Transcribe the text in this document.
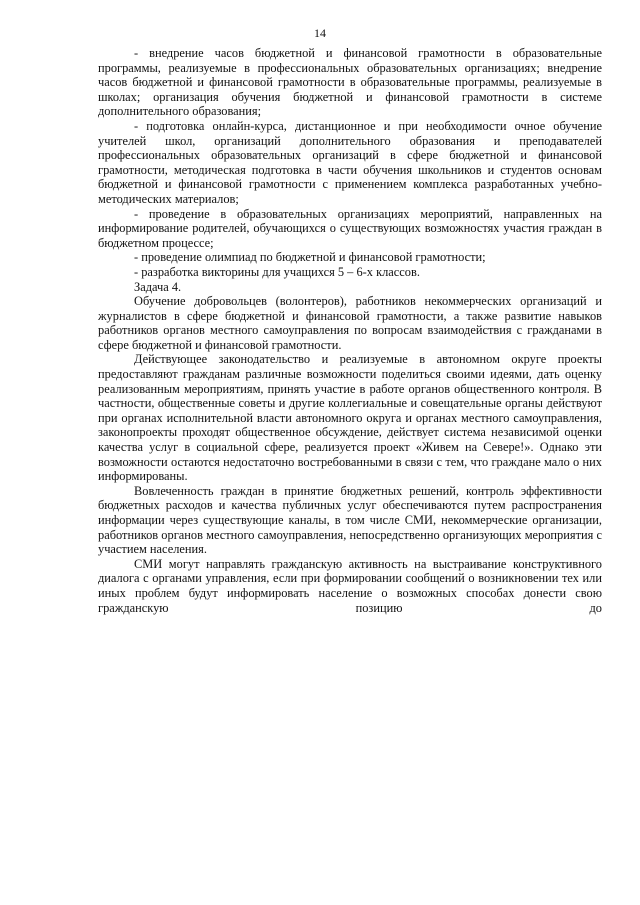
14

- внедрение часов бюджетной и финансовой грамотности в образовательные программы, реализуемые в профессиональных образовательных организациях; внедрение часов бюджетной и финансовой грамотности в образовательные программы, реализуемые в школах; организация обучения бюджетной и финансовой грамотности в системе дополнительного образования;

- подготовка онлайн-курса, дистанционное и при необходимости очное обучение учителей школ, организаций дополнительного образования и преподавателей профессиональных образовательных организаций в сфере бюджетной и финансовой грамотности, методическая подготовка в части обучения школьников и студентов основам бюджетной и финансовой грамотности с применением комплекса разработанных учебно-методических материалов;

- проведение в образовательных организациях мероприятий, направленных на информирование родителей, обучающихся о существующих возможностях участия граждан в бюджетном процессе;

- проведение олимпиад по бюджетной и финансовой грамотности;

- разработка викторины для учащихся 5 – 6-х классов.

Задача 4.

Обучение добровольцев (волонтеров), работников некоммерческих организаций и журналистов в сфере бюджетной и финансовой грамотности, а также развитие навыков работников органов местного самоуправления по вопросам взаимодействия с гражданами в сфере бюджетной и финансовой грамотности.

Действующее законодательство и реализуемые в автономном округе проекты предоставляют гражданам различные возможности поделиться своими идеями, дать оценку реализованным мероприятиям, принять участие в работе органов общественного контроля. В частности, общественные советы и другие коллегиальные и совещательные органы действуют при органах исполнительной власти автономного округа и органах местного самоуправления, законопроекты проходят общественное обсуждение, действует система независимой оценки качества услуг в социальной сфере, реализуется проект «Живем на Севере!». Однако эти возможности остаются недостаточно востребованными в связи с тем, что граждане мало о них информированы.

Вовлеченность граждан в принятие бюджетных решений, контроль эффективности бюджетных расходов и качества публичных услуг обеспечиваются путем распространения информации через существующие каналы, в том числе СМИ, некоммерческие организации, работников органов местного самоуправления, непосредственно организующих мероприятия с участием населения.

СМИ могут направлять гражданскую активность на выстраивание конструктивного диалога с органами управления, если при формировании сообщений о возникновении тех или иных проблем будут информировать население о возможных способах донести свою гражданскую позицию до
